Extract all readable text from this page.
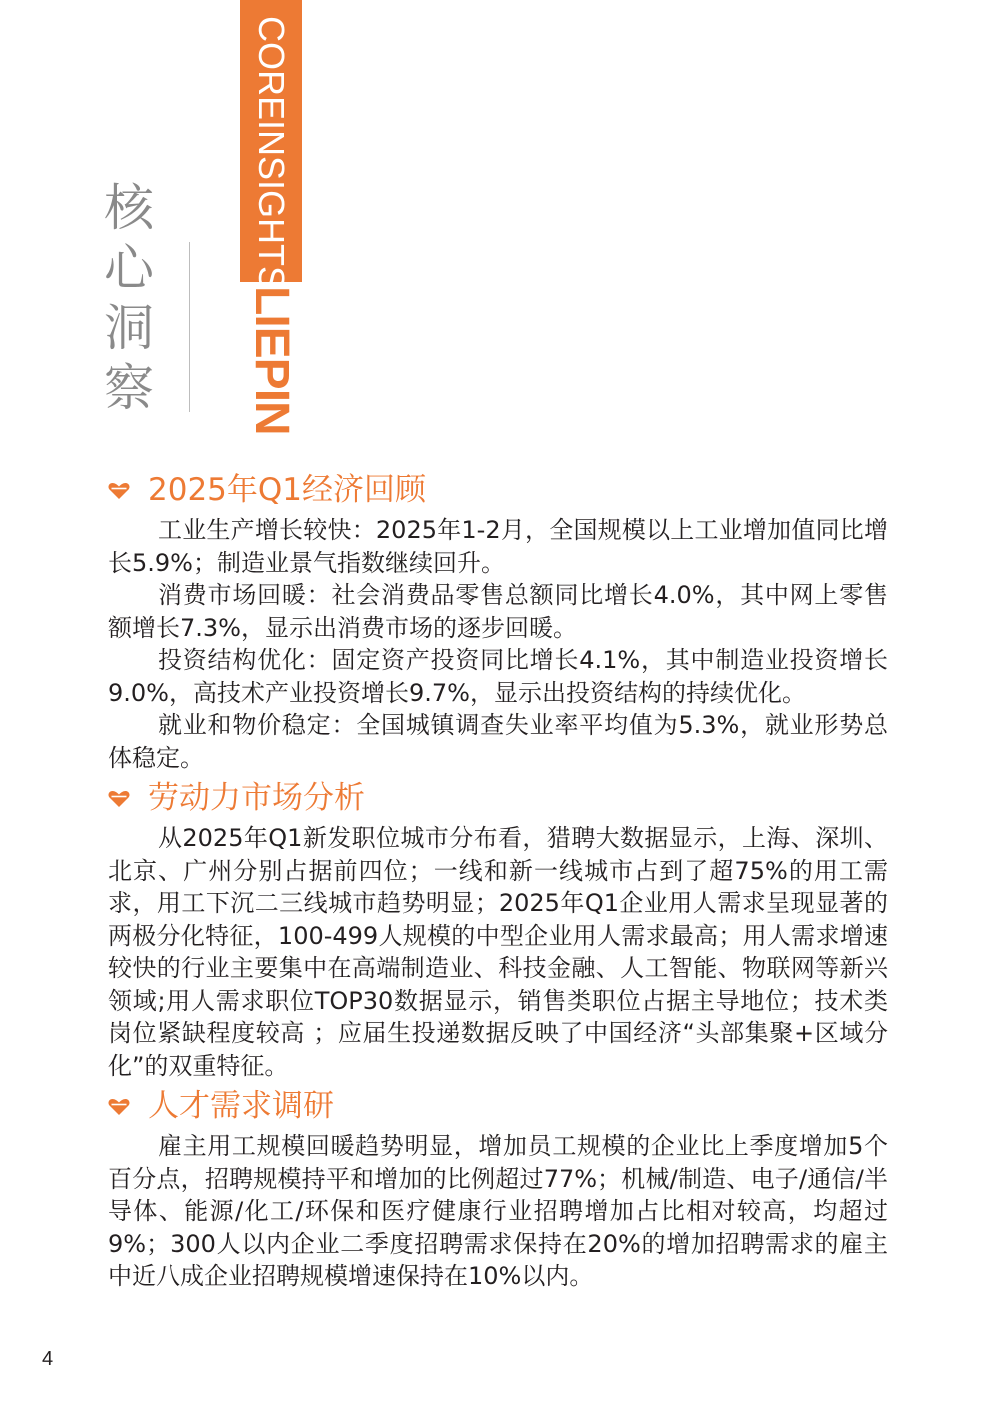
核心洞察
COREINSIGHTS
LIEPIN
2025年Q1经济回顾

工业生产增长较快：2025年1-2月，全国规模以上工业增加值同比增长5.9%；制造业景气指数继续回升。

消费市场回暖：社会消费品零售总额同比增长4.0%，其中网上零售额增长7.3%，显示出消费市场的逐步回暖。

投资结构优化：固定资产投资同比增长4.1%，其中制造业投资增长9.0%，高技术产业投资增长9.7%，显示出投资结构的持续优化。

就业和物价稳定：全国城镇调查失业率平均值为5.3%，就业形势总体稳定。

劳动力市场分析

从2025年Q1新发职位城市分布看，猎聘大数据显示，上海、深圳、北京、广州分别占据前四位；一线和新一线城市占到了超75%的用工需求，用工下沉二三线城市趋势明显；2025年Q1企业用人需求呈现显著的两极分化特征，100-499人规模的中型企业用人需求最高；用人需求增速较快的行业主要集中在高端制造业、科技金融、人工智能、物联网等新兴领域;用人需求职位TOP30数据显示，销售类职位占据主导地位；技术类岗位紧缺程度较高 ；应届生投递数据反映了中国经济“头部集聚+区域分化”的双重特征。

人才需求调研

雇主用工规模回暖趋势明显，增加员工规模的企业比上季度增加5个百分点，招聘规模持平和增加的比例超过77%；机械/制造、电子/通信/半导体、能源/化工/环保和医疗健康行业招聘增加占比相对较高，均超过 9%；300人以内企业二季度招聘需求保持在20%的增加招聘需求的雇主中近八成企业招聘规模增速保持在10%以内。

4
